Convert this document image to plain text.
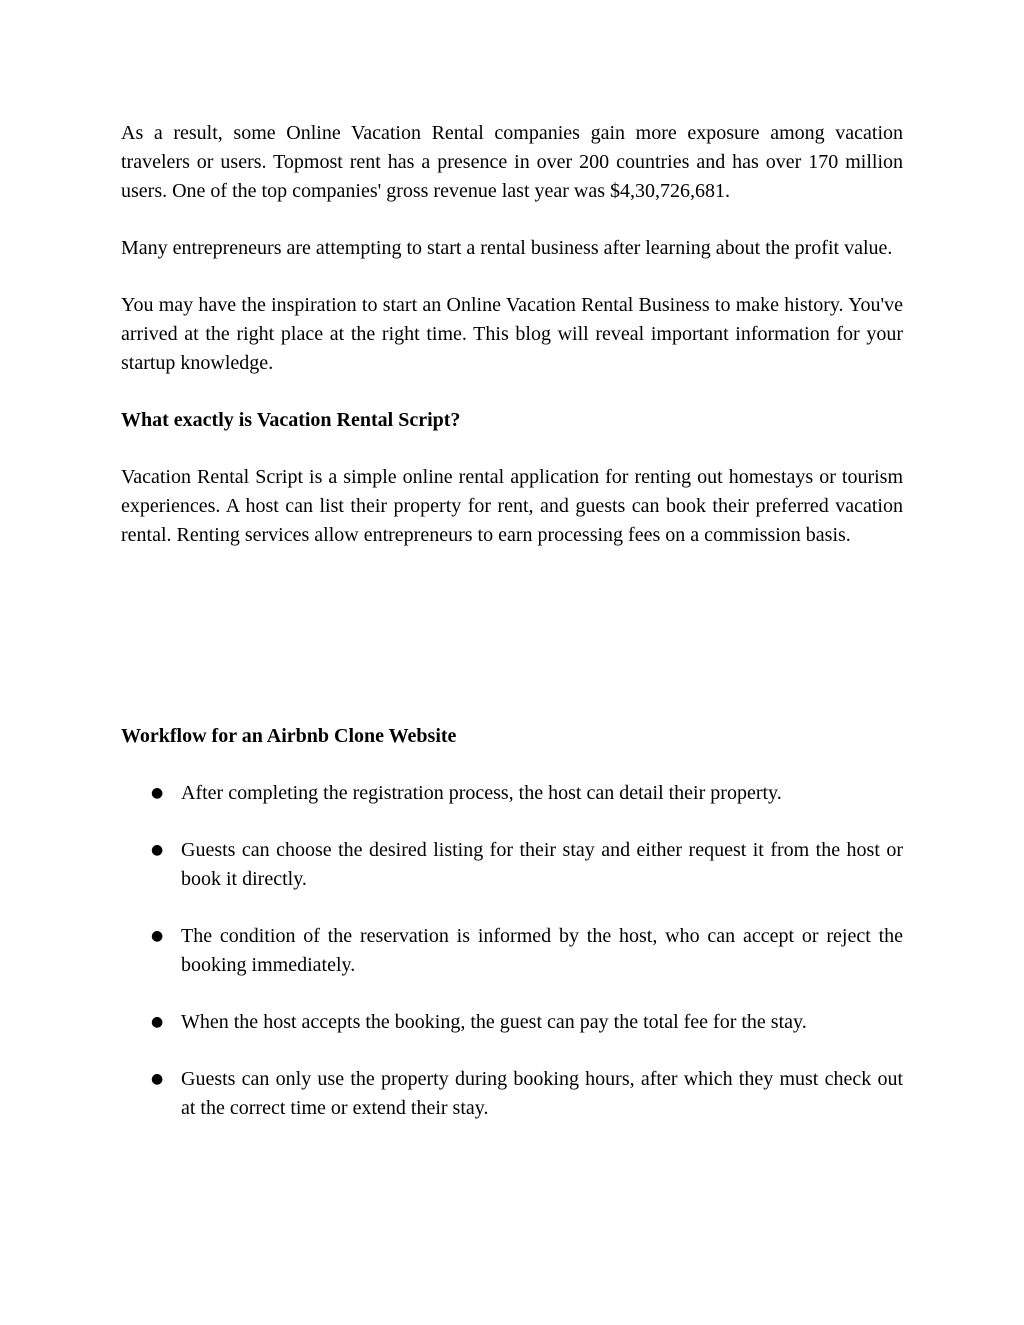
As a result, some Online Vacation Rental companies gain more exposure among vacation travelers or users. Topmost rent has a presence in over 200 countries and has over 170 million users. One of the top companies' gross revenue last year was $4,30,726,681.

Many entrepreneurs are attempting to start a rental business after learning about the profit value.

You may have the inspiration to start an Online Vacation Rental Business to make history. You've arrived at the right place at the right time. This blog will reveal important information for your startup knowledge.

What exactly is Vacation Rental Script?

Vacation Rental Script is a simple online rental application for renting out homestays or tourism experiences. A host can list their property for rent, and guests can book their preferred vacation rental. Renting services allow entrepreneurs to earn processing fees on a commission basis.

Workflow for an Airbnb Clone Website

● After completing the registration process, the host can detail their property.
● Guests can choose the desired listing for their stay and either request it from the host or book it directly.
● The condition of the reservation is informed by the host, who can accept or reject the booking immediately.
● When the host accepts the booking, the guest can pay the total fee for the stay.
● Guests can only use the property during booking hours, after which they must check out at the correct time or extend their stay.
